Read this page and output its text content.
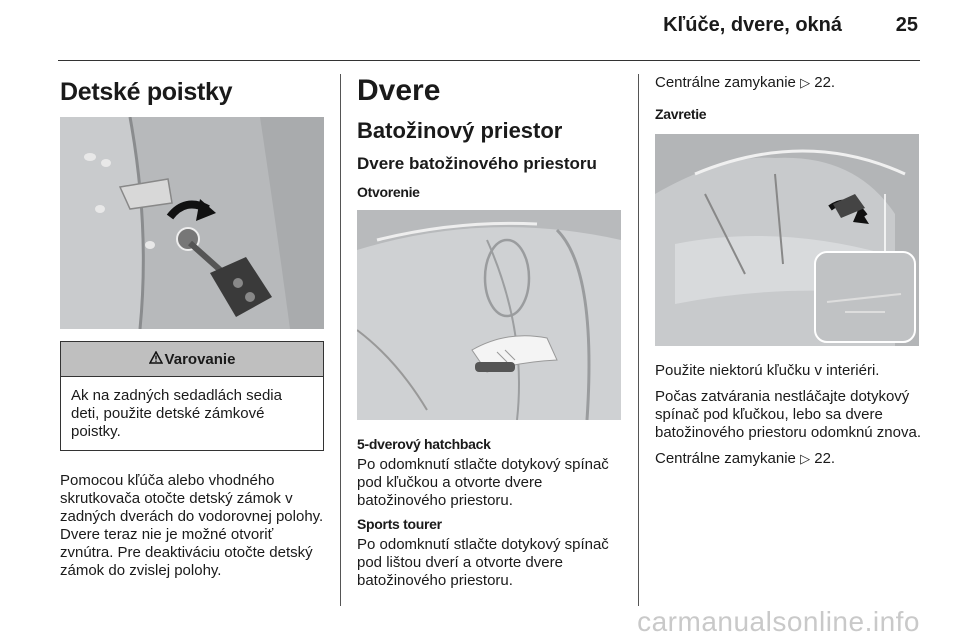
Kľúče, dvere, okná	25
Detské poistky
Varovanie
Ak na zadných sedadlách sedia deti, použite detské zámkové poistky.

Pomocou kľúča alebo vhodného skrutkovača otočte detský zámok v zadných dverách do vodorovnej polohy. Dvere teraz nie je možné otvoriť zvnútra. Pre deaktiváciu otočte detský zámok do zvislej polohy.

Dvere
Batožinový priestor
Dvere batožinového priestoru
Otvorenie
5-dverový hatchback

Po odomknutí stlačte dotykový spínač pod kľučkou a otvorte dvere batožinového priestoru.

Sports tourer

Po odomknutí stlačte dotykový spínač pod lištou dverí a otvorte dvere batožinového priestoru.

Centrálne zamykanie ▷ 22.

Zavretie

Použite niektorú kľučku v interiéri.

Počas zatvárania nestláčajte dotykový spínač pod kľučkou, lebo sa dvere batožinového priestoru odomknú znova.

Centrálne zamykanie ▷ 22.

carmanualsonline.info
